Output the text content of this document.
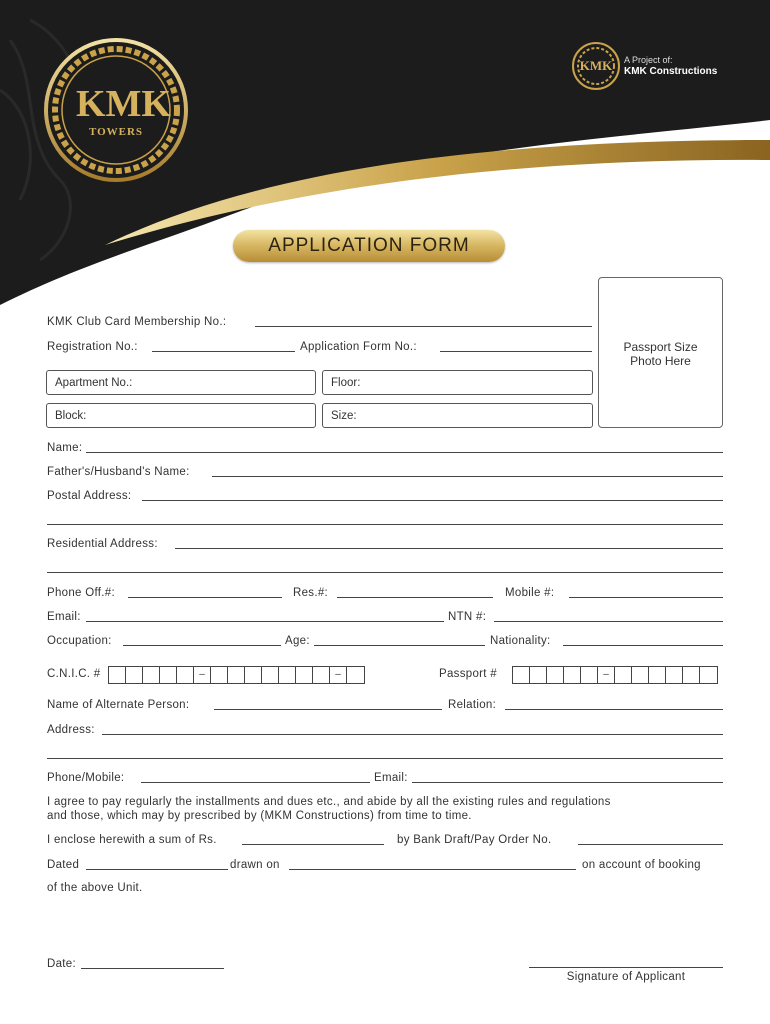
KMK
TOWERS
KMK A Project of:
KMK Constructions
APPLICATION FORM
Passport Size
Photo Here
KMK Club Card Membership No.:
Registration No.:	Application Form No.:
Apartment No.:	Floor:
Block:	Size:
Name:
Father's/Husband's Name:
Postal Address:
Residential Address:
Phone Off.#:	Res.#:	Mobile #:
Email:	NTN #:
Occupation:	Age:	Nationality:
C.N.I.C. #	–	–	Passport #	–
Name of Alternate Person:	Relation:
Address:
Phone/Mobile:	Email:
I agree to pay regularly the installments and dues etc., and abide by all the existing rules and regulations
and those, which may by prescribed by (MKM Constructions) from time to time.
I enclose herewith a sum of Rs.	by Bank Draft/Pay Order No.
Dated	drawn on	on account of booking
of the above Unit.
Date:
Signature of Applicant
